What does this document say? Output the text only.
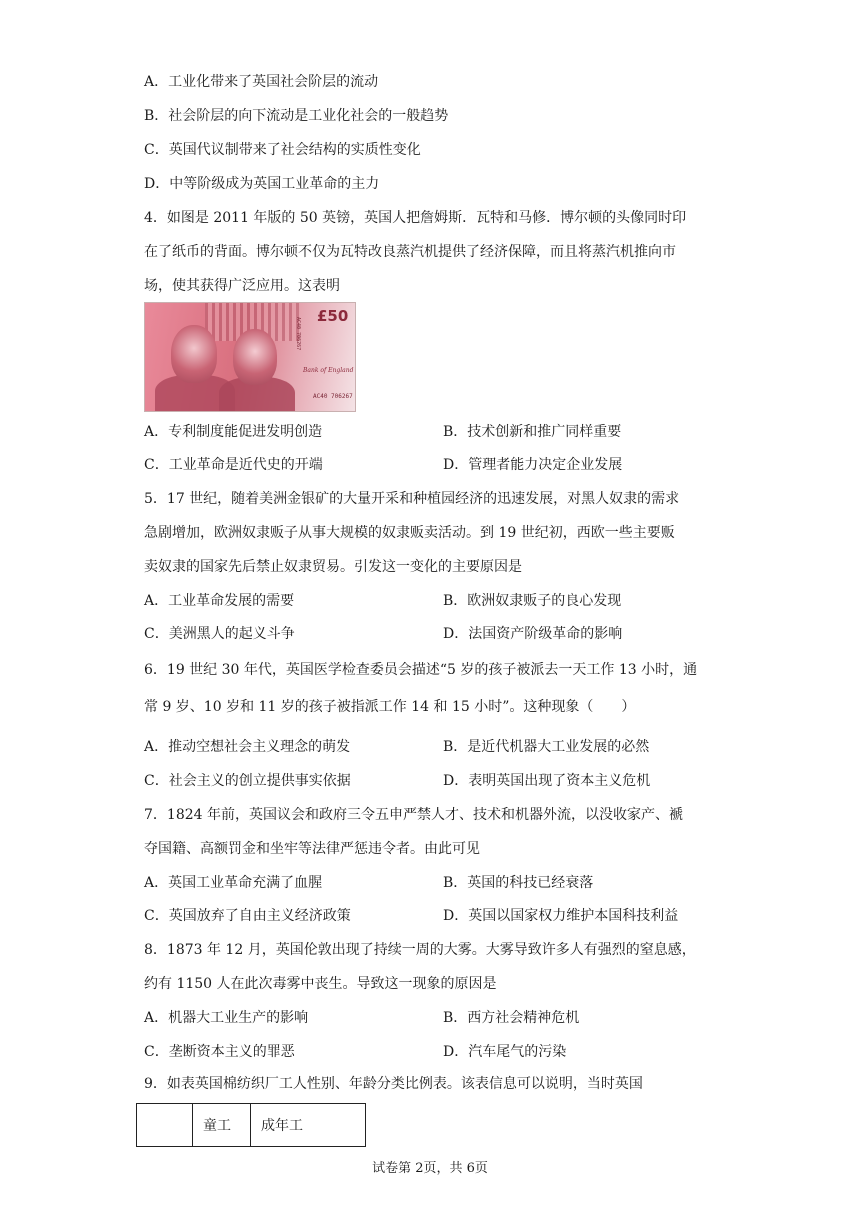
A．工业化带来了英国社会阶层的流动
B．社会阶层的向下流动是工业化社会的一般趋势
C．英国代议制带来了社会结构的实质性变化
D．中等阶级成为英国工业革命的主力
4．如图是 2011 年版的 50 英镑，英国人把詹姆斯．瓦特和马修．博尔顿的头像同时印
在了纸币的背面。博尔顿不仅为瓦特改良蒸汽机提供了经济保障，而且将蒸汽机推向市
场，使其获得广泛应用。这表明
£50
AC40 706267
Bank of England
AC40 706267
A．专利制度能促进发明创造	B．技术创新和推广同样重要
C．工业革命是近代史的开端	D．管理者能力决定企业发展
5．17 世纪，随着美洲金银矿的大量开采和种植园经济的迅速发展，对黑人奴隶的需求
急剧增加，欧洲奴隶贩子从事大规模的奴隶贩卖活动。到 19 世纪初，西欧一些主要贩
卖奴隶的国家先后禁止奴隶贸易。引发这一变化的主要原因是
A．工业革命发展的需要	B．欧洲奴隶贩子的良心发现
C．美洲黑人的起义斗争	D．法国资产阶级革命的影响
6．19 世纪 30 年代，英国医学检查委员会描述“5 岁的孩子被派去一天工作 13 小时，通
常 9 岁、10 岁和 11 岁的孩子被指派工作 14 和 15 小时”。这种现象（　　）
A．推动空想社会主义理念的萌发	B．是近代机器大工业发展的必然
C．社会主义的创立提供事实依据	D．表明英国出现了资本主义危机
7．1824 年前，英国议会和政府三令五申严禁人才、技术和机器外流，以没收家产、褫
夺国籍、高额罚金和坐牢等法律严惩违令者。由此可见
A．英国工业革命充满了血腥	B．英国的科技已经衰落
C．英国放弃了自由主义经济政策	D．英国以国家权力维护本国科技利益
8．1873 年 12 月，英国伦敦出现了持续一周的大雾。大雾导致许多人有强烈的窒息感，
约有 1150 人在此次毒雾中丧生。导致这一现象的原因是
A．机器大工业生产的影响	B．西方社会精神危机
C．垄断资本主义的罪恶	D．汽车尾气的污染
9．如表英国棉纺织厂工人性别、年龄分类比例表。该表信息可以说明，当时英国
	童工	成年工
试卷第 2页，共 6页
